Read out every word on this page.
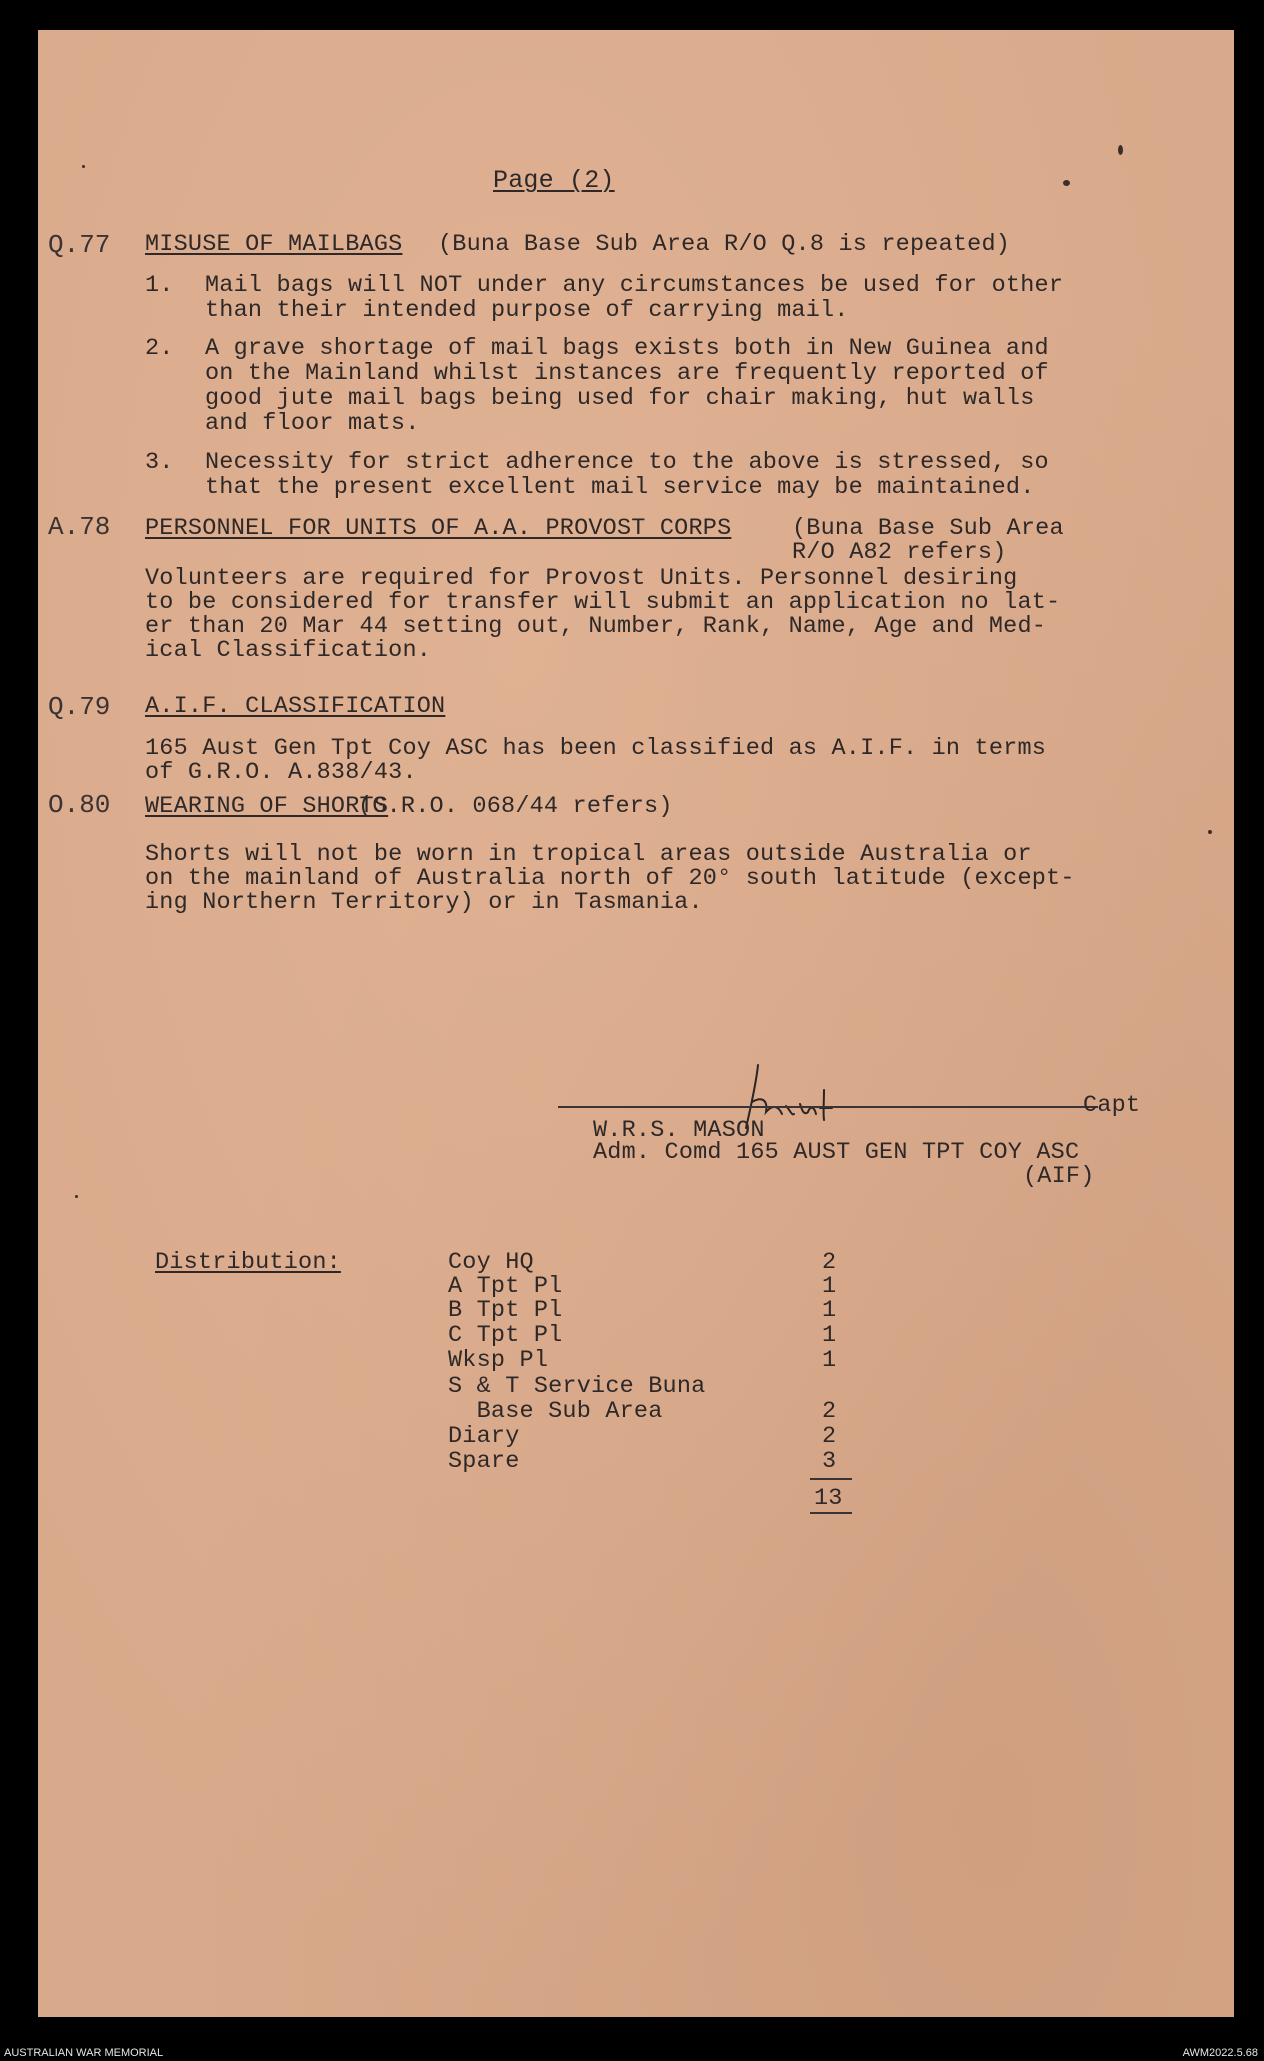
Page (2)
Q.77 MISUSE OF MAILBAGS (Buna Base Sub Area R/O Q.8 is repeated)
1. Mail bags will NOT under any circumstances be used for other
than their intended purpose of carrying mail.
2. A grave shortage of mail bags exists both in New Guinea and
on the Mainland whilst instances are frequently reported of
good jute mail bags being used for chair making, hut walls
and floor mats.
3. Necessity for strict adherence to the above is stressed, so
that the present excellent mail service may be maintained.
A.78 PERSONNEL FOR UNITS OF A.A. PROVOST CORPS	(Buna Base Sub Area
R/O A82 refers)
Volunteers are required for Provost Units. Personnel desiring
to be considered for transfer will submit an application no lat-
er than 20 Mar 44 setting out, Number, Rank, Name, Age and Med-
ical Classification.
Q.79 A.I.F. CLASSIFICATION
165 Aust Gen Tpt Coy ASC has been classified as A.I.F. in terms
of G.R.O. A.838/43.
O.80 WEARING OF SHORTS
(G.R.O. 068/44 refers)
Shorts will not be worn in tropical areas outside Australia or
on the mainland of Australia north of 20° south latitude (except-
ing Northern Territory) or in Tasmania.
Capt
W.R.S. MASON
Adm. Comd 165 AUST GEN TPT COY ASC
(AIF)
Distribution:	Coy HQ	2
A Tpt Pl	1
B Tpt Pl	1
C Tpt Pl	1
Wksp Pl	1
S & T Service Buna
Base Sub Area	2
Diary	2
Spare	3
13
AUSTRALIAN WAR MEMORIAL	AWM2022.5.68
